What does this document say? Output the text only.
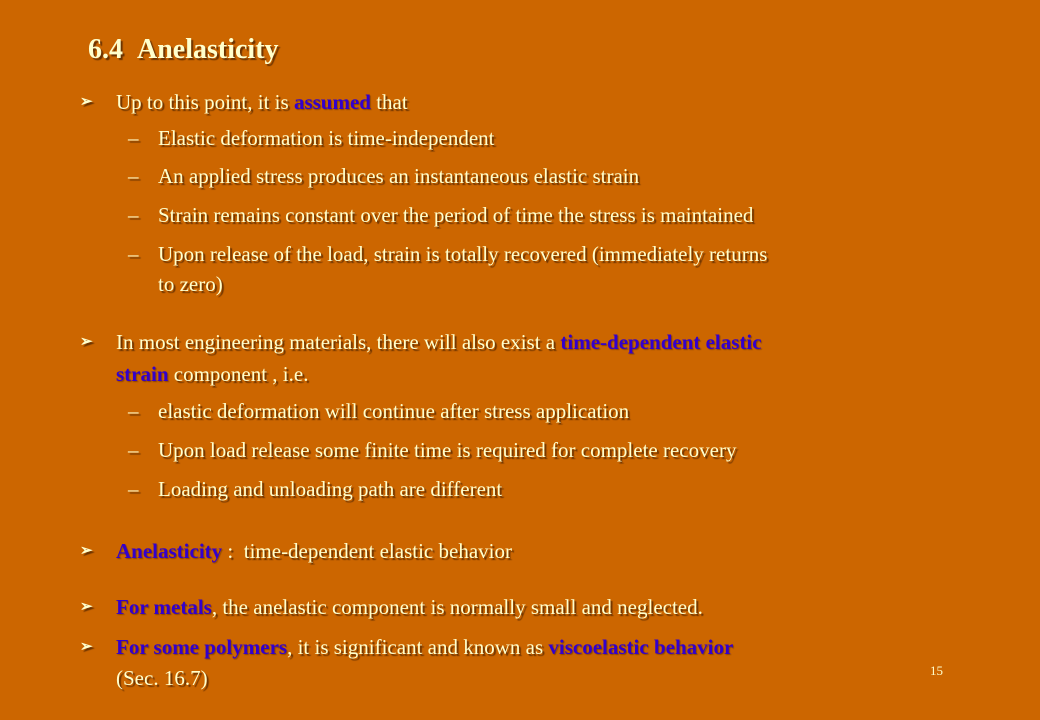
6.4 Anelasticity
➢ Up to this point, it is assumed that
– Elastic deformation is time-independent
– An applied stress produces an instantaneous elastic strain
– Strain remains constant over the period of time the stress is maintained
– Upon release of the load, strain is totally recovered (immediately returns
to zero)
➢ In most engineering materials, there will also exist a time-dependent elastic
strain component , i.e.
– elastic deformation will continue after stress application
– Upon load release some finite time is required for complete recovery
– Loading and unloading path are different
➢ Anelasticity :  time-dependent elastic behavior
➢ For metals, the anelastic component is normally small and neglected.
➢ For some polymers, it is significant and known as viscoelastic behavior
(Sec. 16.7)	15
